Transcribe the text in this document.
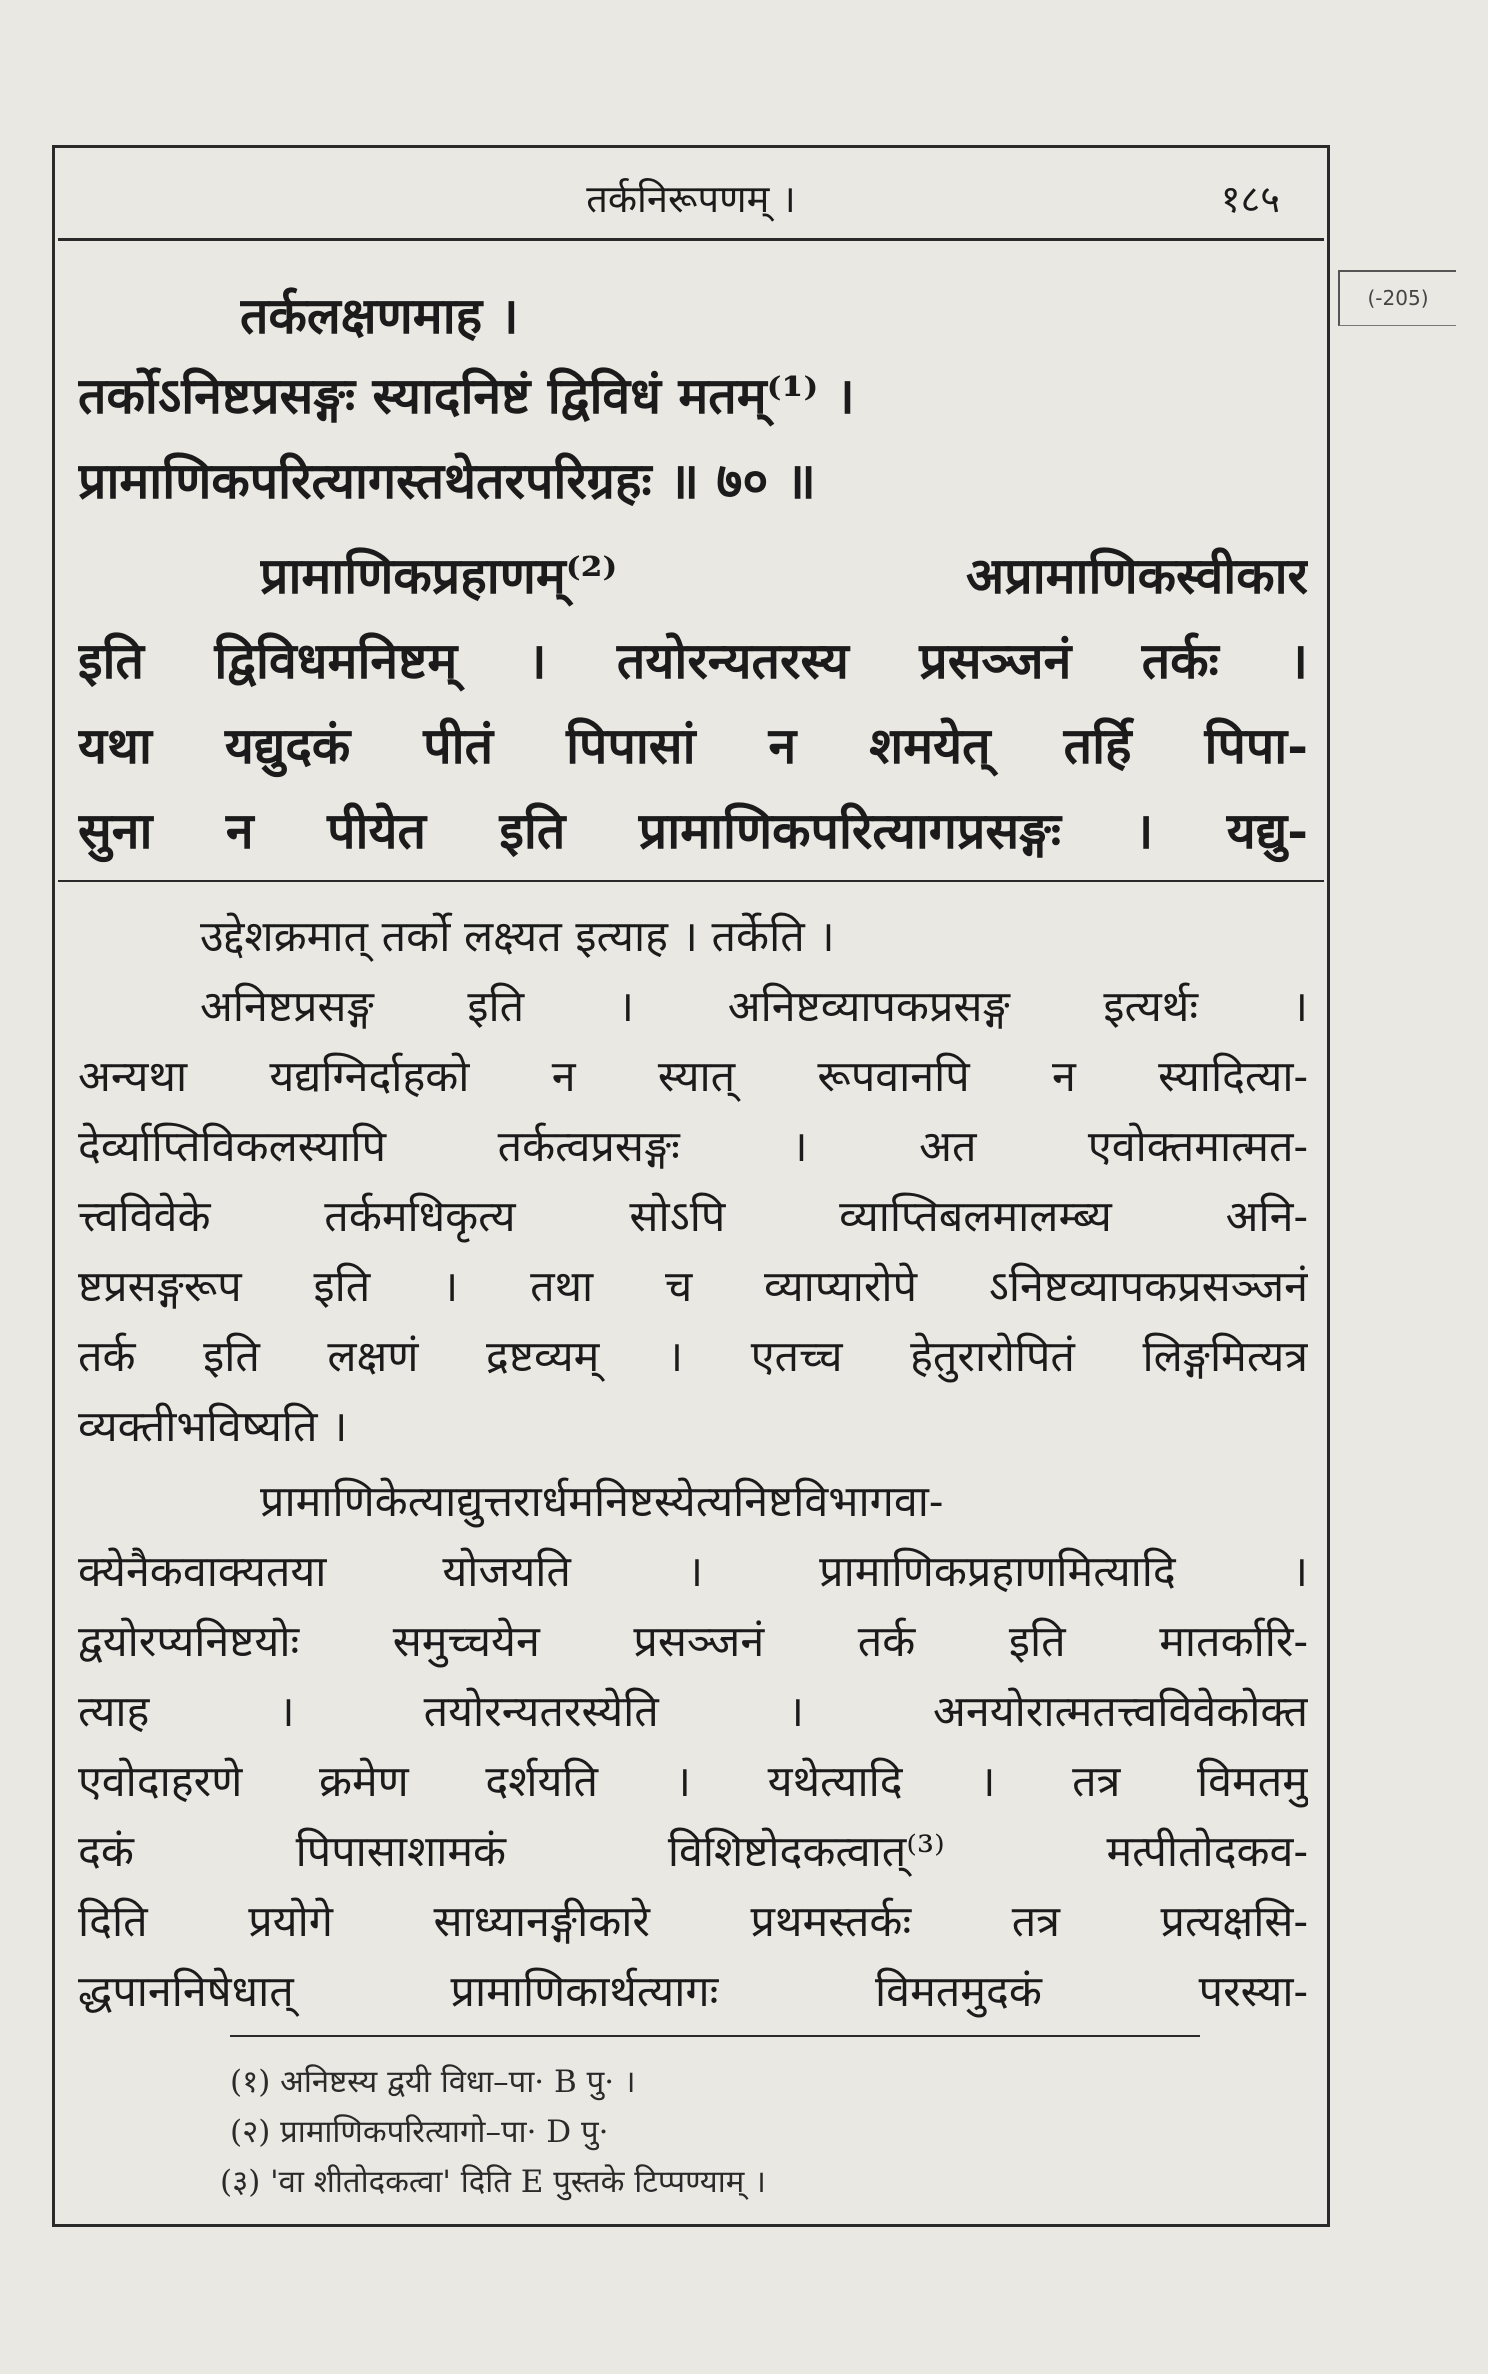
(-205)
तर्कनिरूपणम् ।	१८५
तर्कलक्षणमाह ।
तर्कोऽनिष्टप्रसङ्गः स्यादनिष्टं द्विविधं मतम्⁽¹⁾ ।
प्रामाणिकपरित्यागस्तथेतरपरिग्रहः ॥ ७० ॥
प्रामाणिकप्रहाणम्⁽²⁾ अप्रामाणिकस्वीकार
इति द्विविधमनिष्टम् । तयोरन्यतरस्य प्रसञ्जनं तर्कः ।
यथा यद्युदकं पीतं पिपासां न शमयेत् तर्हि पिपा-
सुना न पीयेत इति प्रामाणिकपरित्यागप्रसङ्गः । यद्यु-
उद्देशक्रमात् तर्को लक्ष्यत इत्याह । तर्केति ।
अनिष्टप्रसङ्ग इति । अनिष्टव्यापकप्रसङ्ग इत्यर्थः ।
अन्यथा यद्यग्निर्दाहको न स्यात् रूपवानपि न स्यादित्या-
देर्व्याप्तिविकलस्यापि तर्कत्वप्रसङ्गः । अत एवोक्तमात्मत-
त्त्वविवेके तर्कमधिकृत्य सोऽपि व्याप्तिबलमालम्ब्य अनि-
ष्टप्रसङ्गरूप इति । तथा च व्याप्यारोपे ऽनिष्टव्यापकप्रसञ्जनं
तर्क इति लक्षणं द्रष्टव्यम् । एतच्च हेतुरारोपितं लिङ्गमित्यत्र
व्यक्तीभविष्यति ।
प्रामाणिकेत्याद्युत्तरार्धमनिष्टस्येत्यनिष्टविभागवा-
क्येनैकवाक्यतया योजयति । प्रामाणिकप्रहाणमित्यादि ।
द्वयोरप्यनिष्टयोः समुच्चयेन प्रसञ्जनं तर्क इति मातर्कारि-
त्याह । तयोरन्यतरस्येति । अनयोरात्मतत्त्वविवेकोक्त
एवोदाहरणे क्रमेण दर्शयति । यथेत्यादि । तत्र विमतमु
दकं पिपासाशामकं विशिष्टोदकत्वात्⁽³⁾ मत्पीतोदकव-
दिति प्रयोगे साध्यानङ्गीकारे प्रथमस्तर्कः तत्र प्रत्यक्षसि-
द्धपाननिषेधात् प्रामाणिकार्थत्यागः विमतमुदकं परस्या-
(१) अनिष्टस्य द्वयी विधा–पा· B पु· ।
(२) प्रामाणिकपरित्यागो–पा· D पु·
(३) 'वा शीतोदकत्वा' दिति E पुस्तके टिप्पण्याम् ।
